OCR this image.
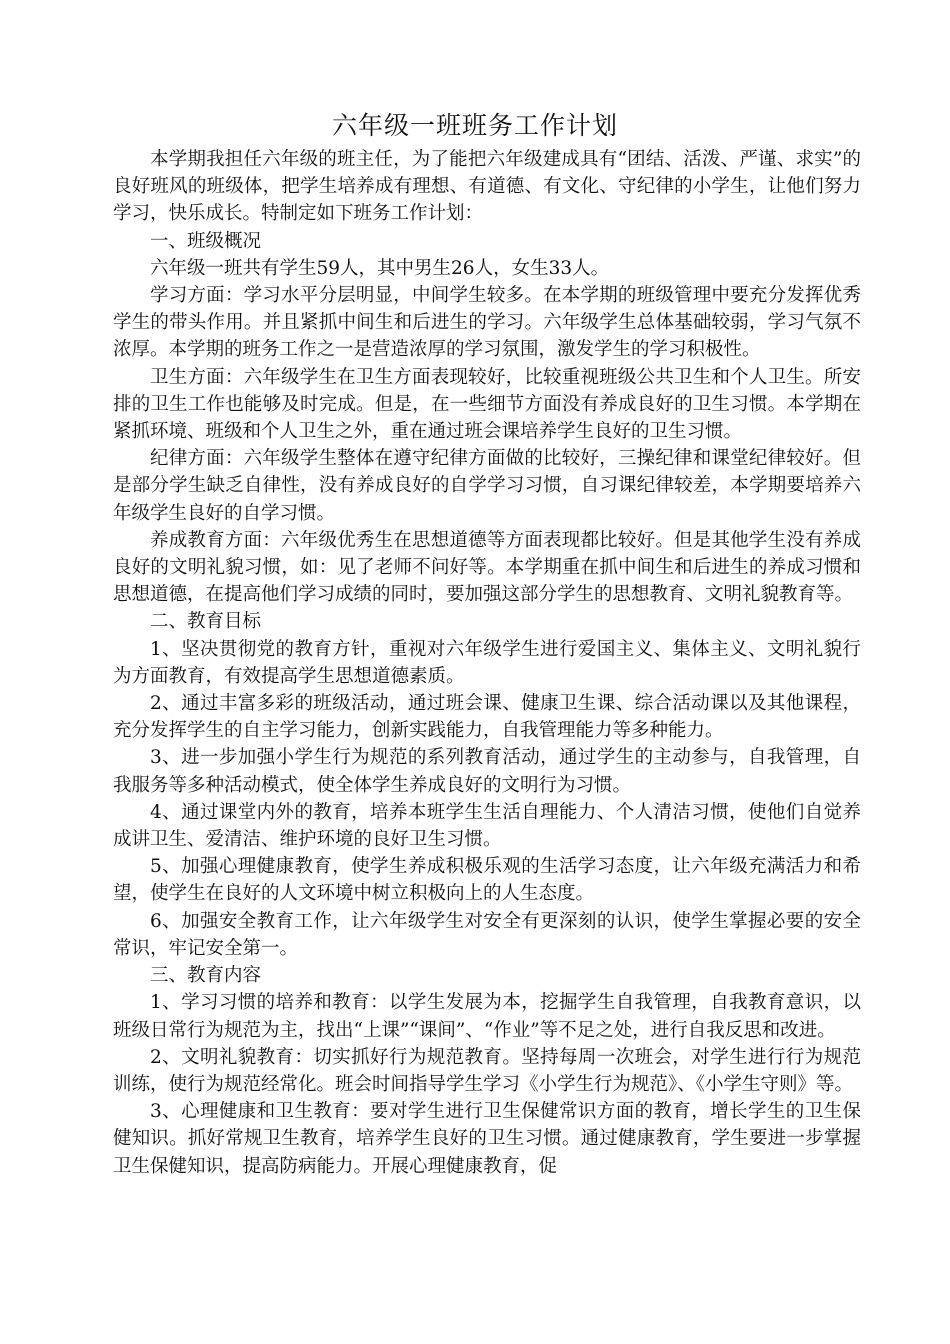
六年级一班班务工作计划

本学期我担任六年级的班主任，为了能把六年级建成具有“团结、活泼、严谨、求实”的良好班风的班级体，把学生培养成有理想、有道德、有文化、守纪律的小学生，让他们努力学习，快乐成长。特制定如下班务工作计划：

一、班级概况

六年级一班共有学生59人，其中男生26人，女生33人。

学习方面：学习水平分层明显，中间学生较多。在本学期的班级管理中要充分发挥优秀学生的带头作用。并且紧抓中间生和后进生的学习。六年级学生总体基础较弱，学习气氛不浓厚。本学期的班务工作之一是营造浓厚的学习氛围，激发学生的学习积极性。

卫生方面：六年级学生在卫生方面表现较好，比较重视班级公共卫生和个人卫生。所安排的卫生工作也能够及时完成。但是，在一些细节方面没有养成良好的卫生习惯。本学期在紧抓环境、班级和个人卫生之外，重在通过班会课培养学生良好的卫生习惯。

纪律方面：六年级学生整体在遵守纪律方面做的比较好，三操纪律和课堂纪律较好。但是部分学生缺乏自律性，没有养成良好的自学学习习惯，自习课纪律较差，本学期要培养六年级学生良好的自学习惯。

养成教育方面：六年级优秀生在思想道德等方面表现都比较好。但是其他学生没有养成良好的文明礼貌习惯，如：见了老师不问好等。本学期重在抓中间生和后进生的养成习惯和思想道德，在提高他们学习成绩的同时，要加强这部分学生的思想教育、文明礼貌教育等。

二、教育目标

1、坚决贯彻党的教育方针，重视对六年级学生进行爱国主义、集体主义、文明礼貌行为方面教育，有效提高学生思想道德素质。

2、通过丰富多彩的班级活动，通过班会课、健康卫生课、综合活动课以及其他课程，充分发挥学生的自主学习能力，创新实践能力，自我管理能力等多种能力。

3、进一步加强小学生行为规范的系列教育活动，通过学生的主动参与，自我管理，自我服务等多种活动模式，使全体学生养成良好的文明行为习惯。

4、通过课堂内外的教育，培养本班学生生活自理能力、个人清洁习惯，使他们自觉养成讲卫生、爱清洁、维护环境的良好卫生习惯。

5、加强心理健康教育，使学生养成积极乐观的生活学习态度，让六年级充满活力和希望，使学生在良好的人文环境中树立积极向上的人生态度。

6、加强安全教育工作，让六年级学生对安全有更深刻的认识，使学生掌握必要的安全常识，牢记安全第一。

三、教育内容

1、学习习惯的培养和教育：以学生发展为本，挖掘学生自我管理，自我教育意识，以班级日常行为规范为主，找出“上课”“课间”、“作业”等不足之处，进行自我反思和改进。

2、文明礼貌教育：切实抓好行为规范教育。坚持每周一次班会，对学生进行行为规范训练，使行为规范经常化。班会时间指导学生学习《小学生行为规范》、《小学生守则》等。

3、心理健康和卫生教育：要对学生进行卫生保健常识方面的教育，增长学生的卫生保健知识。抓好常规卫生教育，培养学生良好的卫生习惯。通过健康教育，学生要进一步掌握卫生保健知识，提高防病能力。开展心理健康教育，促
